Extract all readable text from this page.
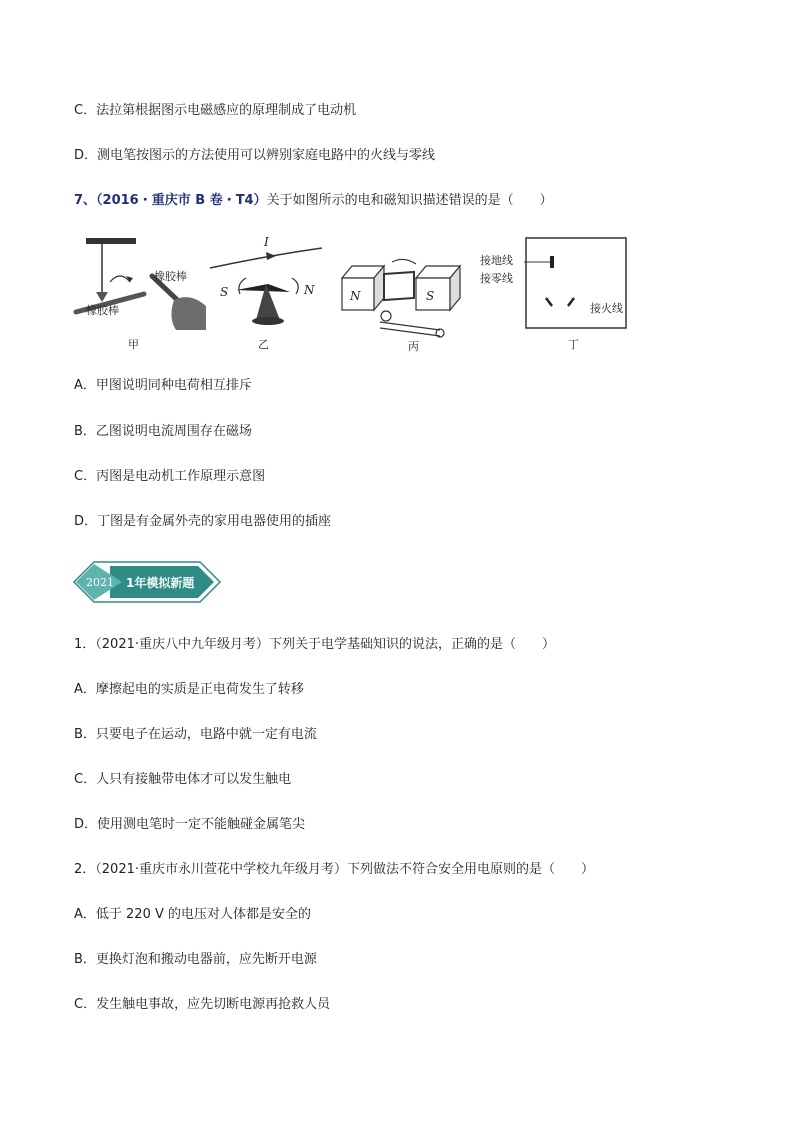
C．法拉第根据图示电磁感应的原理制成了电动机
D．测电笔按图示的方法使用可以辨别家庭电路中的火线与零线
7、（2016・重庆市 B 卷・T4）关于如图所示的电和磁知识描述错误的是（　　）
橡胶棒
橡胶棒
甲
I
S	N
乙
N	S
丙
接地线
接零线
接火线
丁
A．甲图说明同种电荷相互排斥
B．乙图说明电流周围存在磁场
C．丙图是电动机工作原理示意图
D．丁图是有金属外壳的家用电器使用的插座
2021 1年模拟新题
1．（2021·重庆八中九年级月考）下列关于电学基础知识的说法，正确的是（　　）
A．摩擦起电的实质是正电荷发生了转移
B．只要电子在运动，电路中就一定有电流
C．人只有接触带电体才可以发生触电
D．使用测电笔时一定不能触碰金属笔尖
2．（2021·重庆市永川萱花中学校九年级月考）下列做法不符合安全用电原则的是（　　）
A．低于 220 V 的电压对人体都是安全的
B．更换灯泡和搬动电器前，应先断开电源
C．发生触电事故，应先切断电源再抢救人员
